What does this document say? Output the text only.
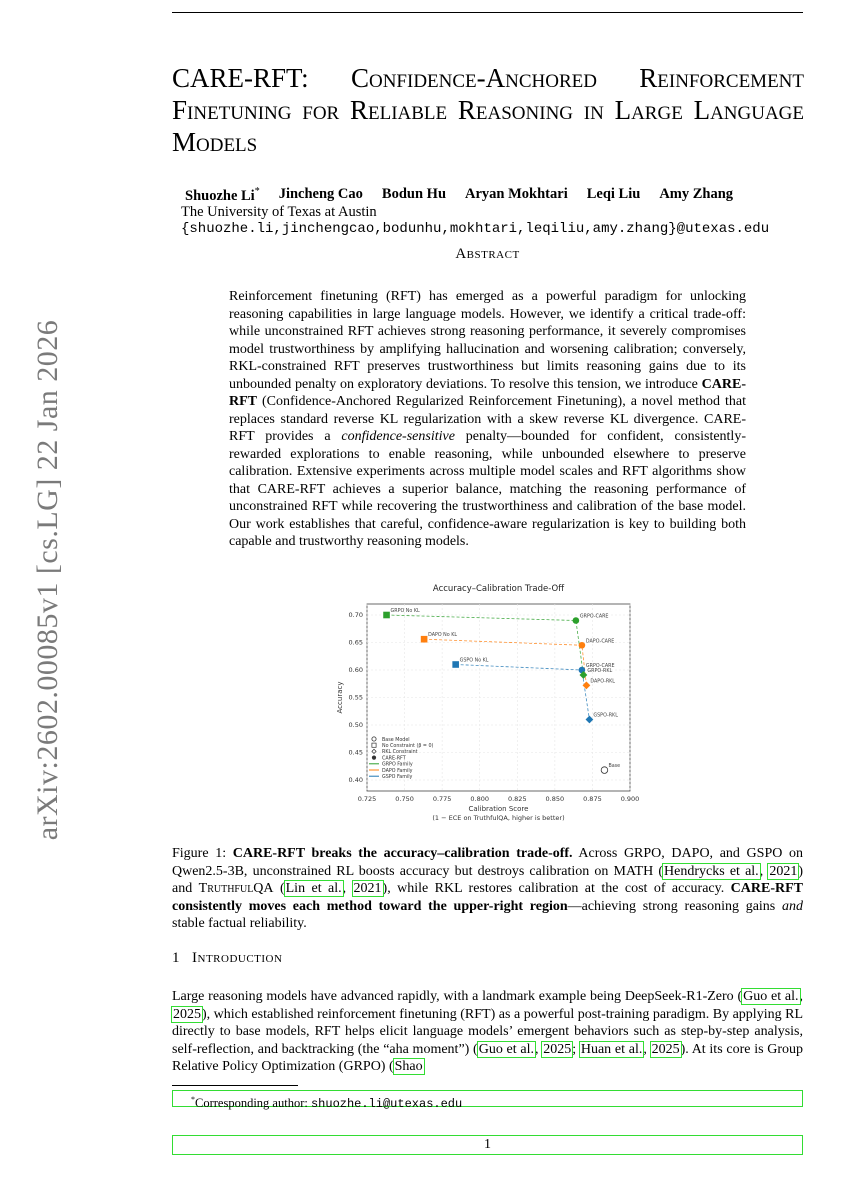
arXiv:2602.00085v1 [cs.LG] 22 Jan 2026
CARE-RFT: Confidence-Anchored Reinforcement Finetuning for Reliable Reasoning in Large Language Models
Shuozhe Li* Jincheng Cao Bodun Hu Aryan Mokhtari Leqi Liu Amy Zhang
The University of Texas at Austin
{shuozhe.li,jinchengcao,bodunhu,mokhtari,leqiliu,amy.zhang}@utexas.edu
Abstract

Reinforcement finetuning (RFT) has emerged as a powerful paradigm for unlocking reasoning capabilities in large language models. However, we identify a critical trade-off: while unconstrained RFT achieves strong reasoning performance, it severely compromises model trustworthiness by amplifying hallucination and worsening calibration; conversely, RKL-constrained RFT preserves trustworthiness but limits reasoning gains due to its unbounded penalty on exploratory deviations. To resolve this tension, we introduce CARE-RFT (Confidence-Anchored Regularized Reinforcement Finetuning), a novel method that replaces standard reverse KL regularization with a skew reverse KL divergence. CARE-RFT provides a confidence-sensitive penalty—bounded for confident, consistently-rewarded explorations to enable reasoning, while unbounded elsewhere to preserve calibration. Extensive experiments across multiple model scales and RFT algorithms show that CARE-RFT achieves a superior balance, matching the reasoning performance of unconstrained RFT while recovering the trustworthiness and calibration of the base model. Our work establishes that careful, confidence-aware regularization is key to building both capable and trustworthy reasoning models.

0.725	0.750	0.775	0.800	0.825	0.850	0.875	0.900
0.40
0.45
0.50
0.55
0.60
0.65
0.70
Accuracy–Calibration Trade-Off
Calibration Score
(1 − ECE on TruthfulQA, higher is better)
Accuracy
GRPO No KL
GRPO-CARE
DAPO No KL
DAPO-CARE
GSPO No KL
GRPO-CARE
GRPO-RKL
DAPO-RKL
GSPO-RKL
Base
Base Model
No Constraint (β = 0)
RKL Constraint
CARE-RFT
GRPO Family
DAPO Family
GSPO Family

Figure 1: CARE-RFT breaks the accuracy–calibration trade-off. Across GRPO, DAPO, and GSPO on Qwen2.5-3B, unconstrained RL boosts accuracy but destroys calibration on MATH (Hendrycks et al., 2021) and TruthfulQA (Lin et al., 2021), while RKL restores calibration at the cost of accuracy. CARE-RFT consistently moves each method toward the upper-right region—achieving strong reasoning gains and stable factual reliability.

1 Introduction

Large reasoning models have advanced rapidly, with a landmark example being DeepSeek-R1-Zero (Guo et al., 2025), which established reinforcement finetuning (RFT) as a powerful post-training paradigm. By applying RL directly to base models, RFT helps elicit language models’ emergent behaviors such as step-by-step analysis, self-reflection, and backtracking (the “aha moment”) (Guo et al., 2025; Huan et al., 2025). At its core is Group Relative Policy Optimization (GRPO) (Shao

*Corresponding author: shuozhe.li@utexas.edu
1
